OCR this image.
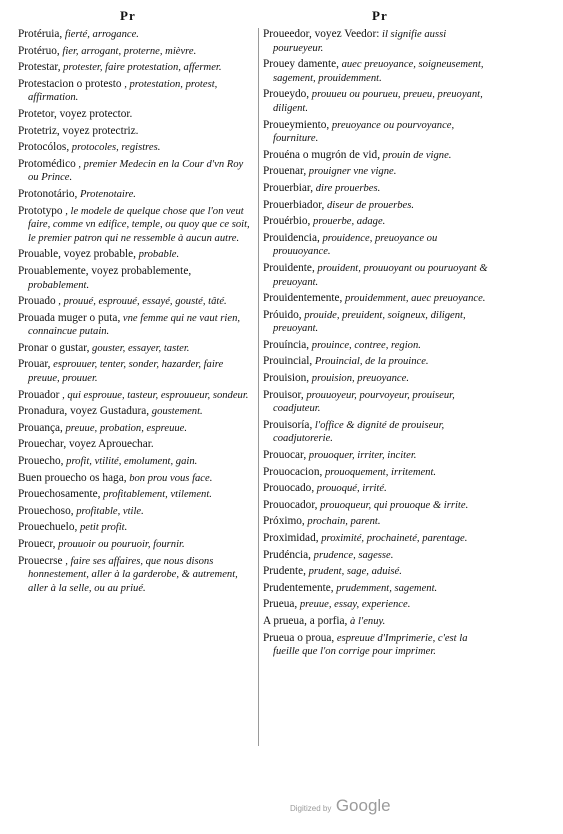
Pr	Pr
Protéruia, fierté, arrogance.
Protéruo, fier, arrogant, proterne, mièvre.
Protestar, protester, faire protestation, affermer.
Protestacion o protesto , protestation, protest, affirmation.
Protetor, voyez protector.
Protetriz, voyez protectriz.
Protocólos, protocoles, registres.
Protomédico , premier Medecin en la Cour d'vn Roy ou Prince.
Protonotário, Protenotaire.
Prototypo , le modele de quelque chose que l'on veut faire, comme vn edifice, temple, ou quoy que ce soit, le premier patron qui ne ressemble à aucun autre.
Prouable, voyez probable, probable.
Prouablemente, voyez probablemente, probablement.
Prouado , prouué, esprouué, essayé, gousté, tâté.
Prouada muger o puta, vne femme qui ne vaut rien, connaincue putain.
Pronar o gustar, gouster, essayer, taster.
Prouar, esprouuer, tenter, sonder, hazarder, faire preuue, prouuer.
Prouador , qui esprouue, tasteur, esprouueur, sondeur.
Pronadura, voyez Gustadura, goustement.
Prouança, preuue, probation, espreuue.
Prouechar, voyez Aprouechar.
Prouecho, profit, vtilité, emolument, gain.
Buen prouecho os haga, bon prou vous face.
Prouechosamente, profitablement, vtilement.
Prouechoso, profitable, vtile.
Prouechuelo, petit profit.
Prouecr, prouuoir ou pouruoir, fournir.
Prouecrse , faire ses affaires, que nous disons honnestement, aller à la garderobe, & autrement, aller à la selle, ou au priué.
Proueedor, voyez Veedor: il signifie aussi pourueyeur.
Prouey damente, auec preuoyance, soigneusement, sagement, prouidemment.
Proueydo, prouueu ou pourueu, preueu, preuoyant, diligent.
Proueymiento, preuoyance ou pourvoyance, fourniture.
Prouéna o mugrón de vid, prouin de vigne.
Prouenar, prouigner vne vigne.
Prouerbiar, dire prouerbes.
Prouerbiador, diseur de prouerbes.
Prouérbio, prouerbe, adage.
Prouidencia, prouidence, preuoyance ou prouuoyance.
Prouidente, prouident, prouuoyant ou pouruoyant & preuoyant.
Prouidentemente, prouidemment, auec preuoyance.
Próuido, prouide, preuident, soigneux, diligent, preuoyant.
Prouíncia, prouince, contree, region.
Prouincial, Prouincial, de la prouince.
Prouision, prouision, preuoyance.
Prouisor, prouuoyeur, pourvoyeur, prouiseur, coadjuteur.
Prouisoría, l'office & dignité de prouiseur, coadjutorerie.
Prouocar, prouoquer, irriter, inciter.
Prouocacion, prouoquement, irritement.
Prouocado, prouoqué, irrité.
Prouocador, prouoqueur, qui prouoque & irrite.
Próximo, prochain, parent.
Proximidad, proximité, prochaineté, parentage.
Prudéncia, prudence, sagesse.
Prudente, prudent, sage, aduisé.
Prudentemente, prudemment, sagement.
Prueua, preuue, essay, experience.
A prueua, a porfia, à l'enuy.
Prueua o proua, espreuue d'Imprimerie, c'est la fueille que l'on corrige pour imprimer.
Digitized by Google
